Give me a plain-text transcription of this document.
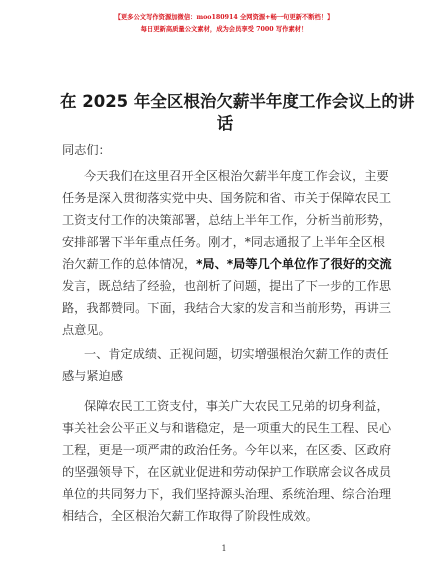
【更多公文写作资源加微信：moo180914 全网资源+畅一句更新不断档！】
每日更新高质量公文素材，成为会员享受 7000 写作素材！
在 2025 年全区根治欠薪半年度工作会议上的讲
话
同志们：
今天我们在这里召开全区根治欠薪半年度工作会议，主要
任务是深入贯彻落实党中央、国务院和省、市关于保障农民工
工资支付工作的决策部署，总结上半年工作，分析当前形势，
安排部署下半年重点任务。刚才，*同志通报了上半年全区根
治欠薪工作的总体情况，*局、*局等几个单位作了很好的交流
发言，既总结了经验，也剖析了问题，提出了下一步的工作思
路，我都赞同。下面，我结合大家的发言和当前形势，再讲三
点意见。
一、肯定成绩、正视问题，切实增强根治欠薪工作的责任
感与紧迫感
保障农民工工资支付，事关广大农民工兄弟的切身利益，
事关社会公平正义与和谐稳定，是一项重大的民生工程、民心
工程，更是一项严肃的政治任务。今年以来，在区委、区政府
的坚强领导下，在区就业促进和劳动保护工作联席会议各成员
单位的共同努力下，我们坚持源头治理、系统治理、综合治理
相结合，全区根治欠薪工作取得了阶段性成效。
1
